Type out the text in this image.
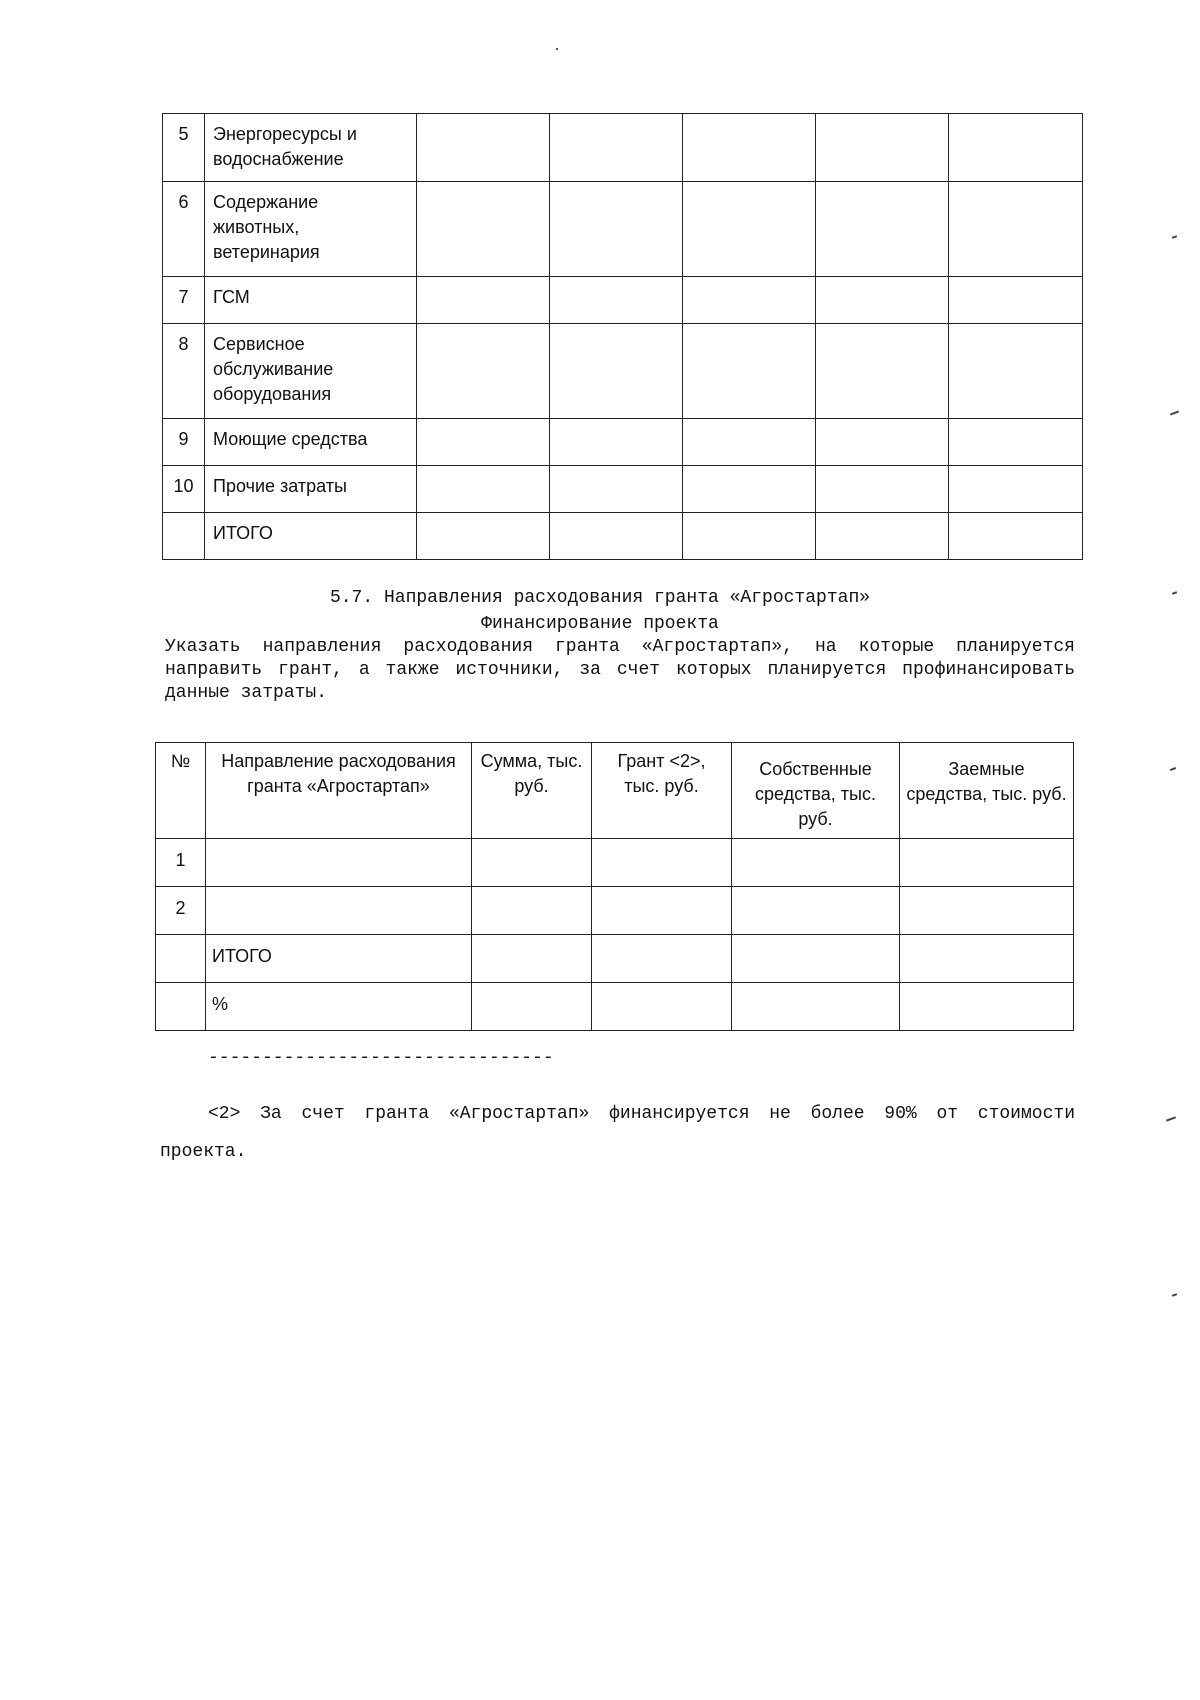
5	Энергоресурсы и водоснабжение					
6	Содержание животных, ветеринария					
7	ГСМ					
8	Сервисное обслуживание оборудования					
9	Моющие средства					
10	Прочие затраты					
	ИТОГО					
5.7. Направления расходования гранта «Агростартап»
Финансирование проекта

Указать направления расходования гранта «Агростартап», на которые планируется направить грант, а также источники, за счет которых планируется профинансировать данные затраты.

№	Направление расходования гранта «Агростартап»	Сумма, тыс. руб.	Грант <2>, тыс. руб.	Собственные средства, тыс. руб.	Заемные средства, тыс. руб.
1					
2					
	ИТОГО				
	%				
--------------------------------

<2> За счет гранта «Агростартап» финансируется не более 90% от стоимости проекта.
